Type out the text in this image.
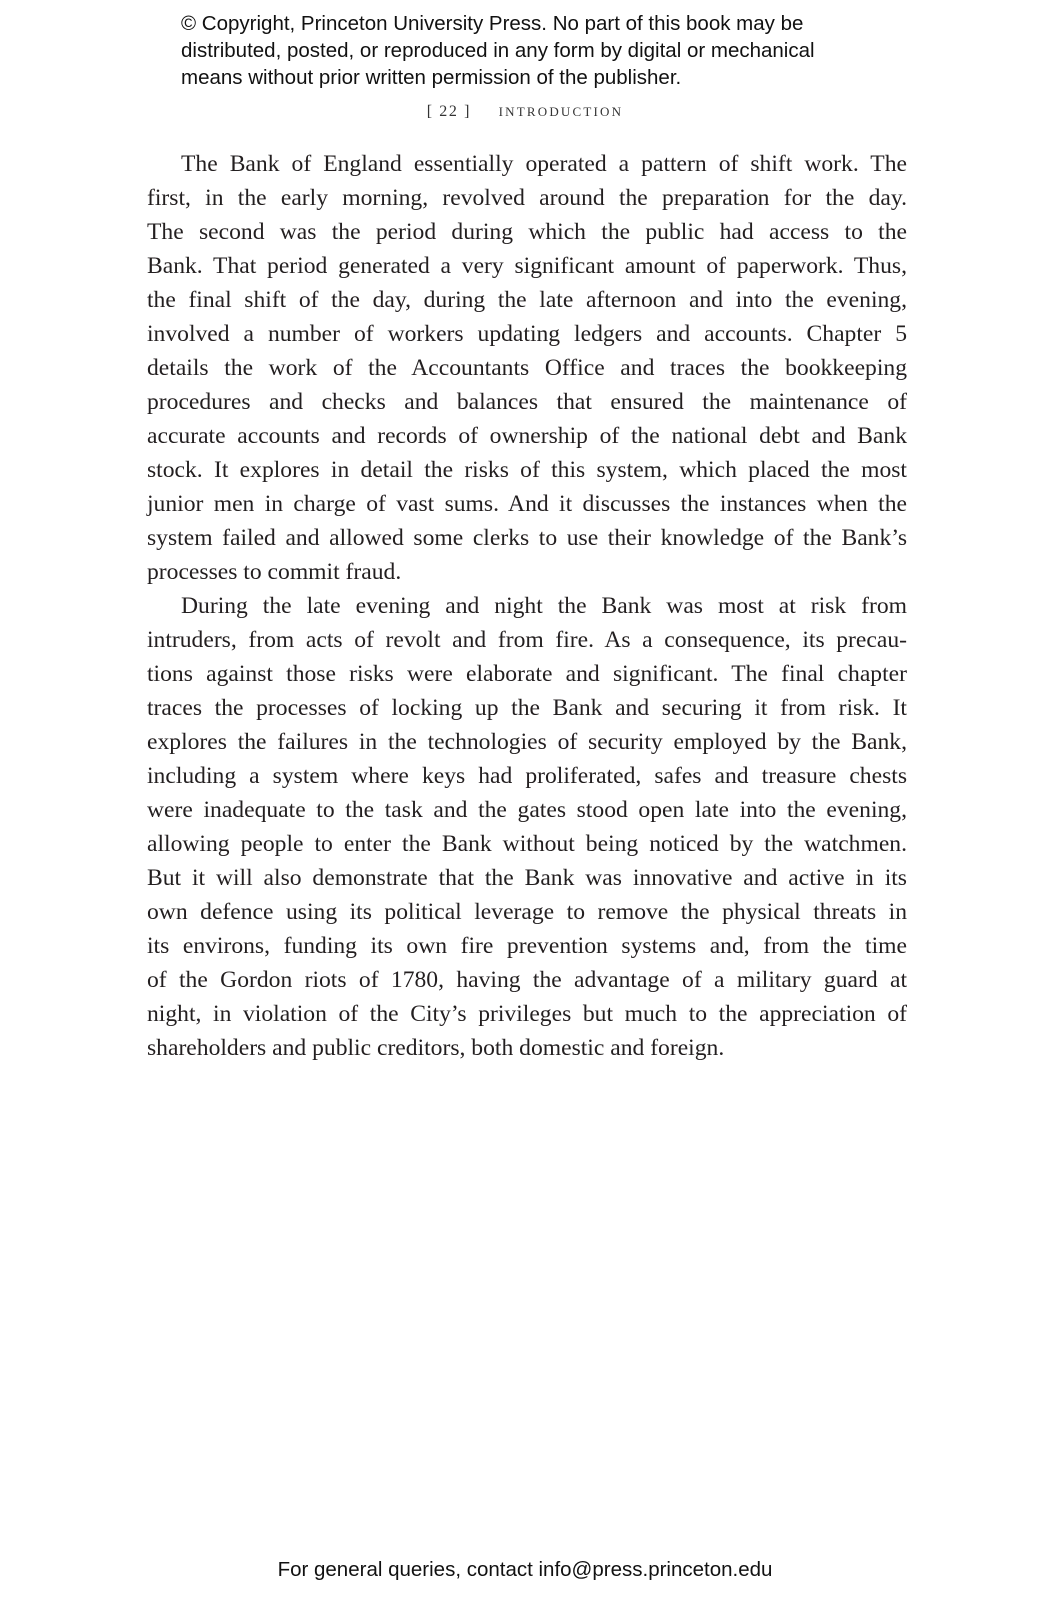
© Copyright, Princeton University Press. No part of this book may be
distributed, posted, or reproduced in any form by digital or mechanical
means without prior written permission of the publisher.
[ 22 ] introduction

The Bank of England essentially operated a pattern of shift work. The
first, in the early morning, revolved around the preparation for the day.
The second was the period during which the public had access to the
Bank. That period generated a very significant amount of paperwork. Thus,
the final shift of the day, during the late afternoon and into the evening,
involved a number of workers updating ledgers and accounts. Chapter 5
details the work of the Accountants Office and traces the bookkeeping
procedures and checks and balances that ensured the maintenance of
accurate accounts and records of ownership of the national debt and Bank
stock. It explores in detail the risks of this system, which placed the most
junior men in charge of vast sums. And it discusses the instances when the
system failed and allowed some clerks to use their knowledge of the Bank’s
processes to commit fraud.

During the late evening and night the Bank was most at risk from
intruders, from acts of revolt and from fire. As a consequence, its precau-
tions against those risks were elaborate and significant. The final chapter
traces the processes of locking up the Bank and securing it from risk. It
explores the failures in the technologies of security employed by the Bank,
including a system where keys had proliferated, safes and treasure chests
were inadequate to the task and the gates stood open late into the evening,
allowing people to enter the Bank without being noticed by the watchmen.
But it will also demonstrate that the Bank was innovative and active in its
own defence using its political leverage to remove the physical threats in
its environs, funding its own fire prevention systems and, from the time
of the Gordon riots of 1780, having the advantage of a military guard at
night, in violation of the City’s privileges but much to the appreciation of
shareholders and public creditors, both domestic and foreign.

For general queries, contact info@press.princeton.edu
